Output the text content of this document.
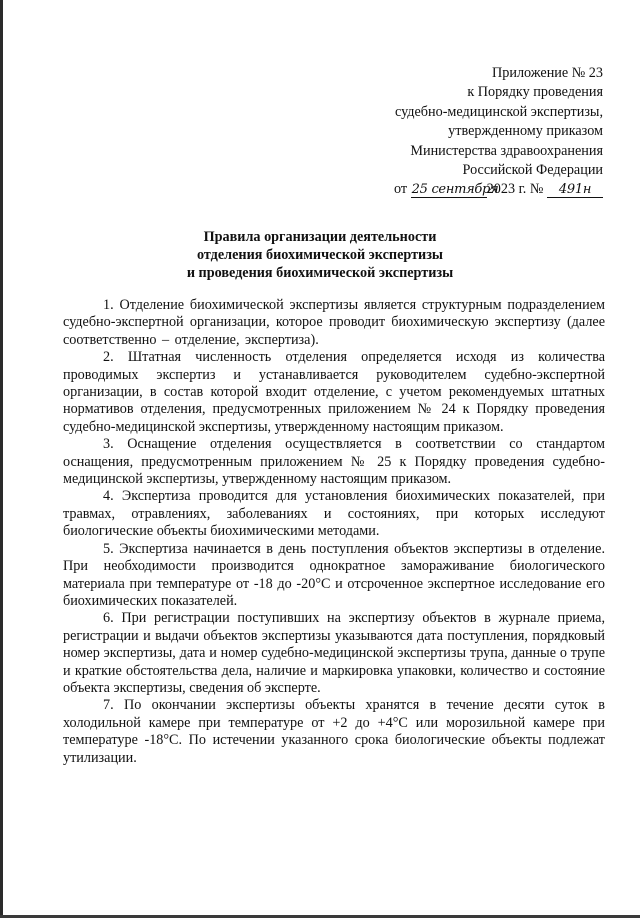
Приложение № 23
к Порядку проведения
судебно-медицинской экспертизы,
утвержденному приказом
Министерства здравоохранения
Российской Федерации
от 25 сентября2023 г. № 491н
Правила организации деятельности
отделения биохимической экспертизы
и проведения биохимической экспертизы

1. Отделение биохимической экспертизы является структурным подразделением судебно-экспертной организации, которое проводит биохимическую экспертизу (далее соответственно – отделение, экспертиза).

2. Штатная численность отделения определяется исходя из количества проводимых экспертиз и устанавливается руководителем судебно-экспертной организации, в состав которой входит отделение, с учетом рекомендуемых штатных нормативов отделения, предусмотренных приложением № 24 к Порядку проведения судебно-медицинской экспертизы, утвержденному настоящим приказом.

3. Оснащение отделения осуществляется в соответствии со стандартом оснащения, предусмотренным приложением № 25 к Порядку проведения судебно-медицинской экспертизы, утвержденному настоящим приказом.

4. Экспертиза проводится для установления биохимических показателей, при травмах, отравлениях, заболеваниях и состояниях, при которых исследуют биологические объекты биохимическими методами.

5. Экспертиза начинается в день поступления объектов экспертизы в отделение. При необходимости производится однократное замораживание биологического материала при температуре от -18 до -20°С и отсроченное экспертное исследование его биохимических показателей.

6. При регистрации поступивших на экспертизу объектов в журнале приема, регистрации и выдачи объектов экспертизы указываются дата поступления, порядковый номер экспертизы, дата и номер судебно-медицинской экспертизы трупа, данные о трупе и краткие обстоятельства дела, наличие и маркировка упаковки, количество и состояние объекта экспертизы, сведения об эксперте.

7. По окончании экспертизы объекты хранятся в течение десяти суток в холодильной камере при температуре от +2 до +4°С или морозильной камере при температуре -18°С. По истечении указанного срока биологические объекты подлежат утилизации.
